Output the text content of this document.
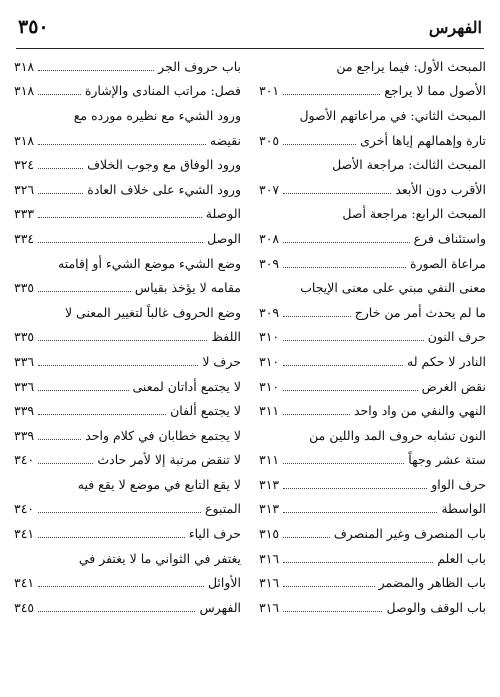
٣٥٠	الفهرس
المبحث الأول: فيما يراجع من
الأصول مما لا يراجع
٣٠١
المبحث الثاني: في مراعاتهم الأصول
تارة وإهمالهم إياها أخرى
٣٠٥
المبحث الثالث: مراجعة الأصل
الأقرب دون الأبعد
٣٠٧
المبحث الرابع: مراجعة أصل
واستئناف فرع
٣٠٨
مراعاة الصورة
٣٠٩
معنى النفي مبني على معنى الإيجاب
ما لم يحدث أمر من خارج
٣٠٩
حرف النون
٣١٠
النادر لا حكم له
٣١٠
نقض الغرض
٣١٠
النهي والنفي من واد واحد
٣١١
النون تشابه حروف المد واللين من
ستة عشر وجهاً
٣١١
حرف الواو
٣١٣
الواسطة
٣١٣
باب المنصرف وغير المنصرف
٣١٥
باب العلم
٣١٦
باب الظاهر والمضمر
٣١٦
باب الوقف والوصل
٣١٦
باب حروف الجر
٣١٨
فصل: مراتب المنادى والإشارة
٣١٨
ورود الشيء مع نظيره مورده مع
نقيضه
٣١٨
ورود الوفاق مع وجوب الخلاف
٣٢٤
ورود الشيء على خلاف العادة
٣٢٦
الوصلة
٣٣٣
الوصل
٣٣٤
وضع الشيء موضع الشيء أو إقامته
مقامه لا يؤخذ بقياس
٣٣٥
وضع الحروف غالباً لتغيير المعنى لا
اللفظ
٣٣٥
حرف لا
٣٣٦
لا يجتمع أداتان لمعنى
٣٣٦
لا يجتمع ألفان
٣٣٩
لا يجتمع خطابان في كلام واحد
٣٣٩
لا تنقض مرتبة إلا لأمر حادث
٣٤٠
لا يقع التابع في موضع لا يقع فيه
المتبوع
٣٤٠
حرف الياء
٣٤١
يغتفر في الثواني ما لا يغتفر في
الأوائل
٣٤١
الفهرس
٣٤٥
